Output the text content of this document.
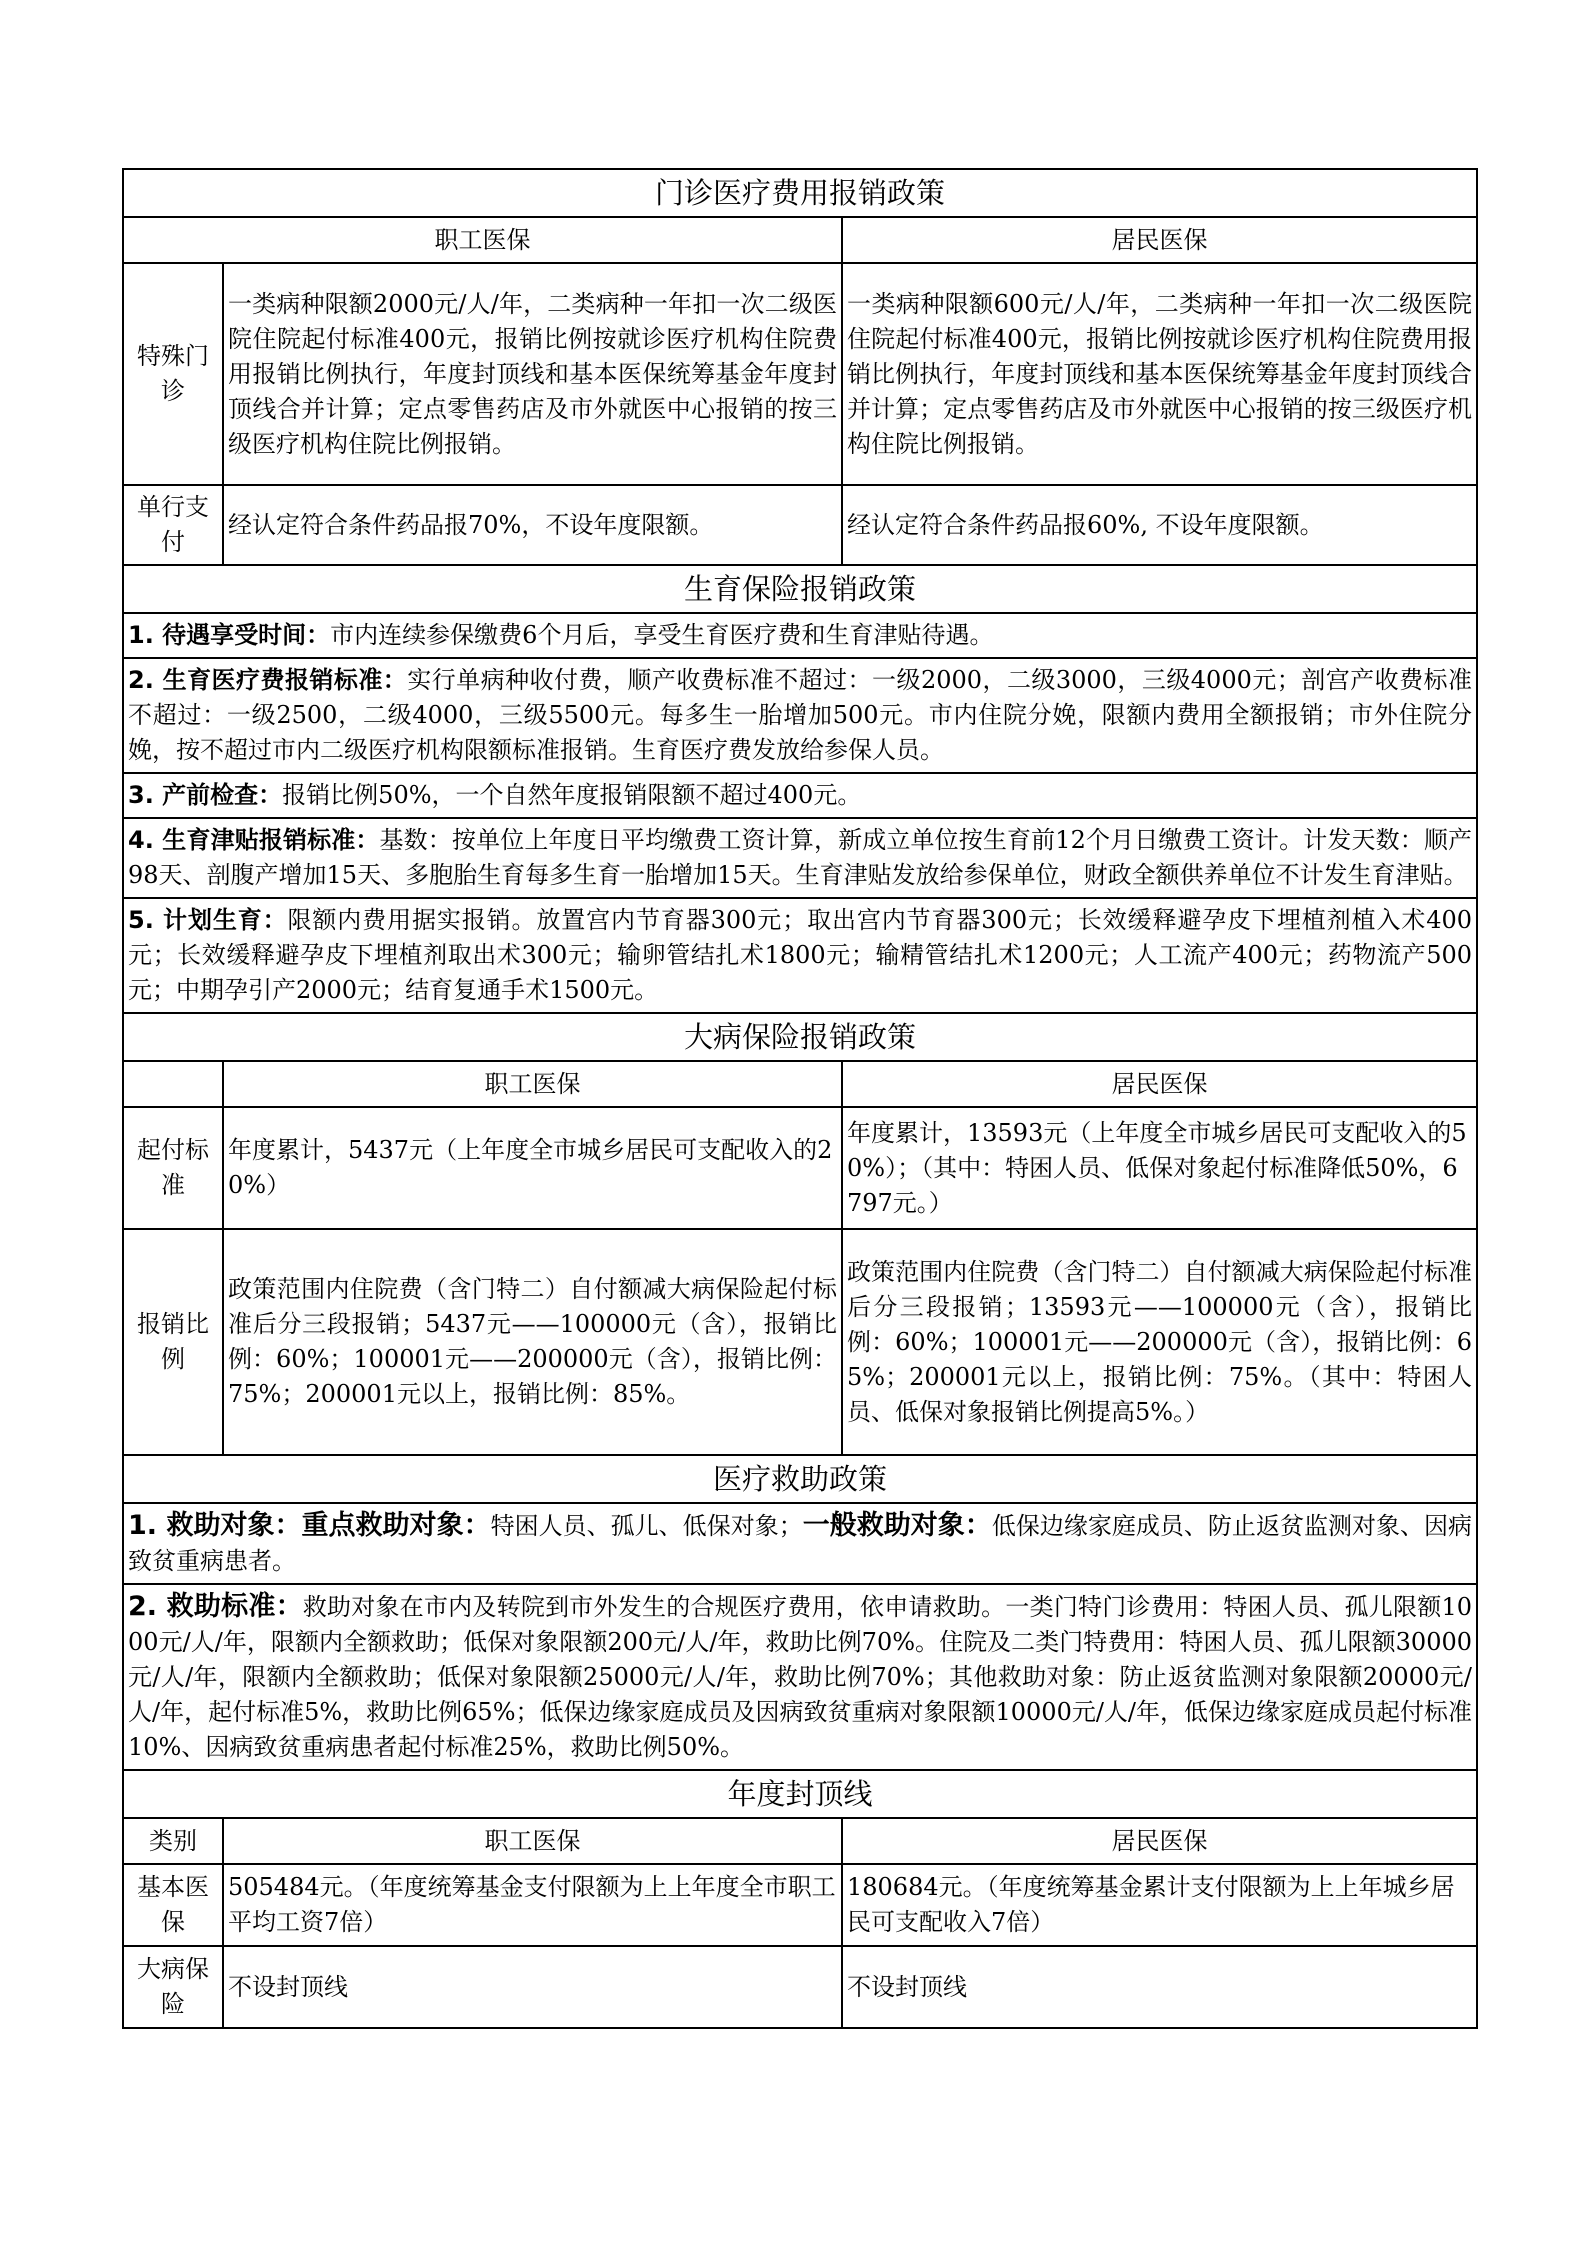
门诊医疗费用报销政策		
职工医保		居民医保
特殊门诊	一类病种限额2000元/人/年，二类病种一年扣一次二级医院住院起付标准400元，报销比例按就诊医疗机构住院费用报销比例执行，年度封顶线和基本医保统筹基金年度封顶线合并计算；定点零售药店及市外就医中心报销的按三级医疗机构住院比例报销。	一类病种限额600元/人/年，二类病种一年扣一次二级医院住院起付标准400元，报销比例按就诊医疗机构住院费用报销比例执行，年度封顶线和基本医保统筹基金年度封顶线合并计算；定点零售药店及市外就医中心报销的按三级医疗机构住院比例报销。
单行支付	经认定符合条件药品报70%，不设年度限额。	经认定符合条件药品报60%, 不设年度限额。
生育保险报销政策		
1. 待遇享受时间：市内连续参保缴费6个月后，享受生育医疗费和生育津贴待遇。		
2. 生育医疗费报销标准：实行单病种收付费，顺产收费标准不超过：一级2000，二级3000，三级4000元；剖宫产收费标准不超过：一级2500，二级4000，三级5500元。每多生一胎增加500元。市内住院分娩，限额内费用全额报销；市外住院分娩，按不超过市内二级医疗机构限额标准报销。生育医疗费发放给参保人员。		
3. 产前检查：报销比例50%，一个自然年度报销限额不超过400元。		
4. 生育津贴报销标准：基数：按单位上年度日平均缴费工资计算，新成立单位按生育前12个月日缴费工资计。计发天数：顺产98天、剖腹产增加15天、多胞胎生育每多生育一胎增加15天。生育津贴发放给参保单位，财政全额供养单位不计发生育津贴。		
5. 计划生育：限额内费用据实报销。放置宫内节育器300元；取出宫内节育器300元；长效缓释避孕皮下埋植剂植入术400元；长效缓释避孕皮下埋植剂取出术300元；输卵管结扎术1800元；输精管结扎术1200元；人工流产400元；药物流产500元；中期孕引产2000元；结育复通手术1500元。		
大病保险报销政策		
	职工医保	居民医保
起付标准	年度累计，5437元（上年度全市城乡居民可支配收入的20%）	年度累计，13593元（上年度全市城乡居民可支配收入的50%）；（其中：特困人员、低保对象起付标准降低50%，6797元。）
报销比例	政策范围内住院费（含门特二）自付额减大病保险起付标准后分三段报销；5437元——100000元（含），报销比例：60%；100001元——200000元（含），报销比例：75%；200001元以上，报销比例：85%。	政策范围内住院费（含门特二）自付额减大病保险起付标准后分三段报销；13593元——100000元（含），报销比例：60%；100001元——200000元（含），报销比例：65%；200001元以上，报销比例：75%。（其中：特困人员、低保对象报销比例提高5%。）
医疗救助政策		
1. 救助对象：重点救助对象：特困人员、孤儿、低保对象；一般救助对象：低保边缘家庭成员、防止返贫监测对象、因病致贫重病患者。		
2. 救助标准：救助对象在市内及转院到市外发生的合规医疗费用，依申请救助。一类门特门诊费用：特困人员、孤儿限额1000元/人/年，限额内全额救助；低保对象限额200元/人/年，救助比例70%。住院及二类门特费用：特困人员、孤儿限额30000元/人/年，限额内全额救助；低保对象限额25000元/人/年，救助比例70%；其他救助对象：防止返贫监测对象限额20000元/人/年，起付标准5%，救助比例65%；低保边缘家庭成员及因病致贫重病对象限额10000元/人/年，低保边缘家庭成员起付标准10%、因病致贫重病患者起付标准25%，救助比例50%。		
年度封顶线		
类别	职工医保	居民医保
基本医保	505484元。（年度统筹基金支付限额为上上年度全市职工平均工资7倍）	180684元。（年度统筹基金累计支付限额为上上年城乡居民可支配收入7倍）
大病保险	不设封顶线	不设封顶线
